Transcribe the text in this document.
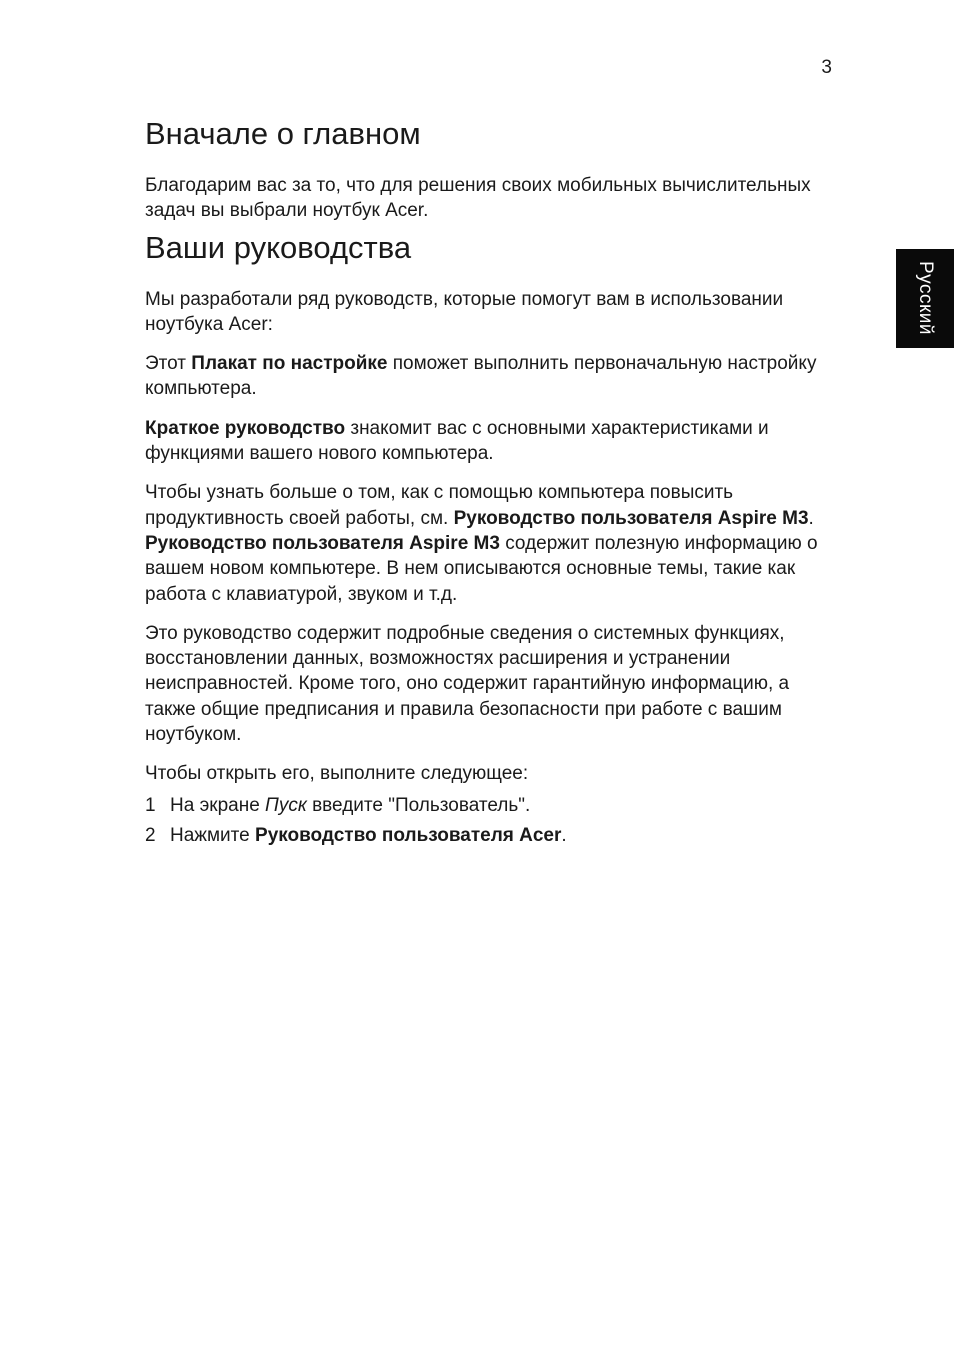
3
Русский
Вначале о главном

Благодарим вас за то, что для решения своих мобильных вычислительных задач вы выбрали ноутбук Acer.

Ваши руководства

Мы разработали ряд руководств, которые помогут вам в использовании ноутбука Acer:

Этот Плакат по настройке поможет выполнить первоначальную настройку компьютера.

Краткое руководство знакомит вас с основными характеристиками и функциями вашего нового компьютера.

Чтобы узнать больше о том, как с помощью компьютера повысить продуктивность своей работы, см. Руководство пользователя Aspire M3. Руководство пользователя Aspire M3 содержит полезную информацию о вашем новом компьютере. В нем описываются основные темы, такие как работа с клавиатурой, звуком и т.д.

Это руководство содержит подробные сведения о системных функциях, восстановлении данных, возможностях расширения и устранении неисправностей. Кроме того, оно содержит гарантийную информацию, а также общие предписания и правила безопасности при работе с вашим ноутбуком.

Чтобы открыть его, выполните следующее:

1 На экране Пуск введите "Пользователь".
2 Нажмите Руководство пользователя Acer.
